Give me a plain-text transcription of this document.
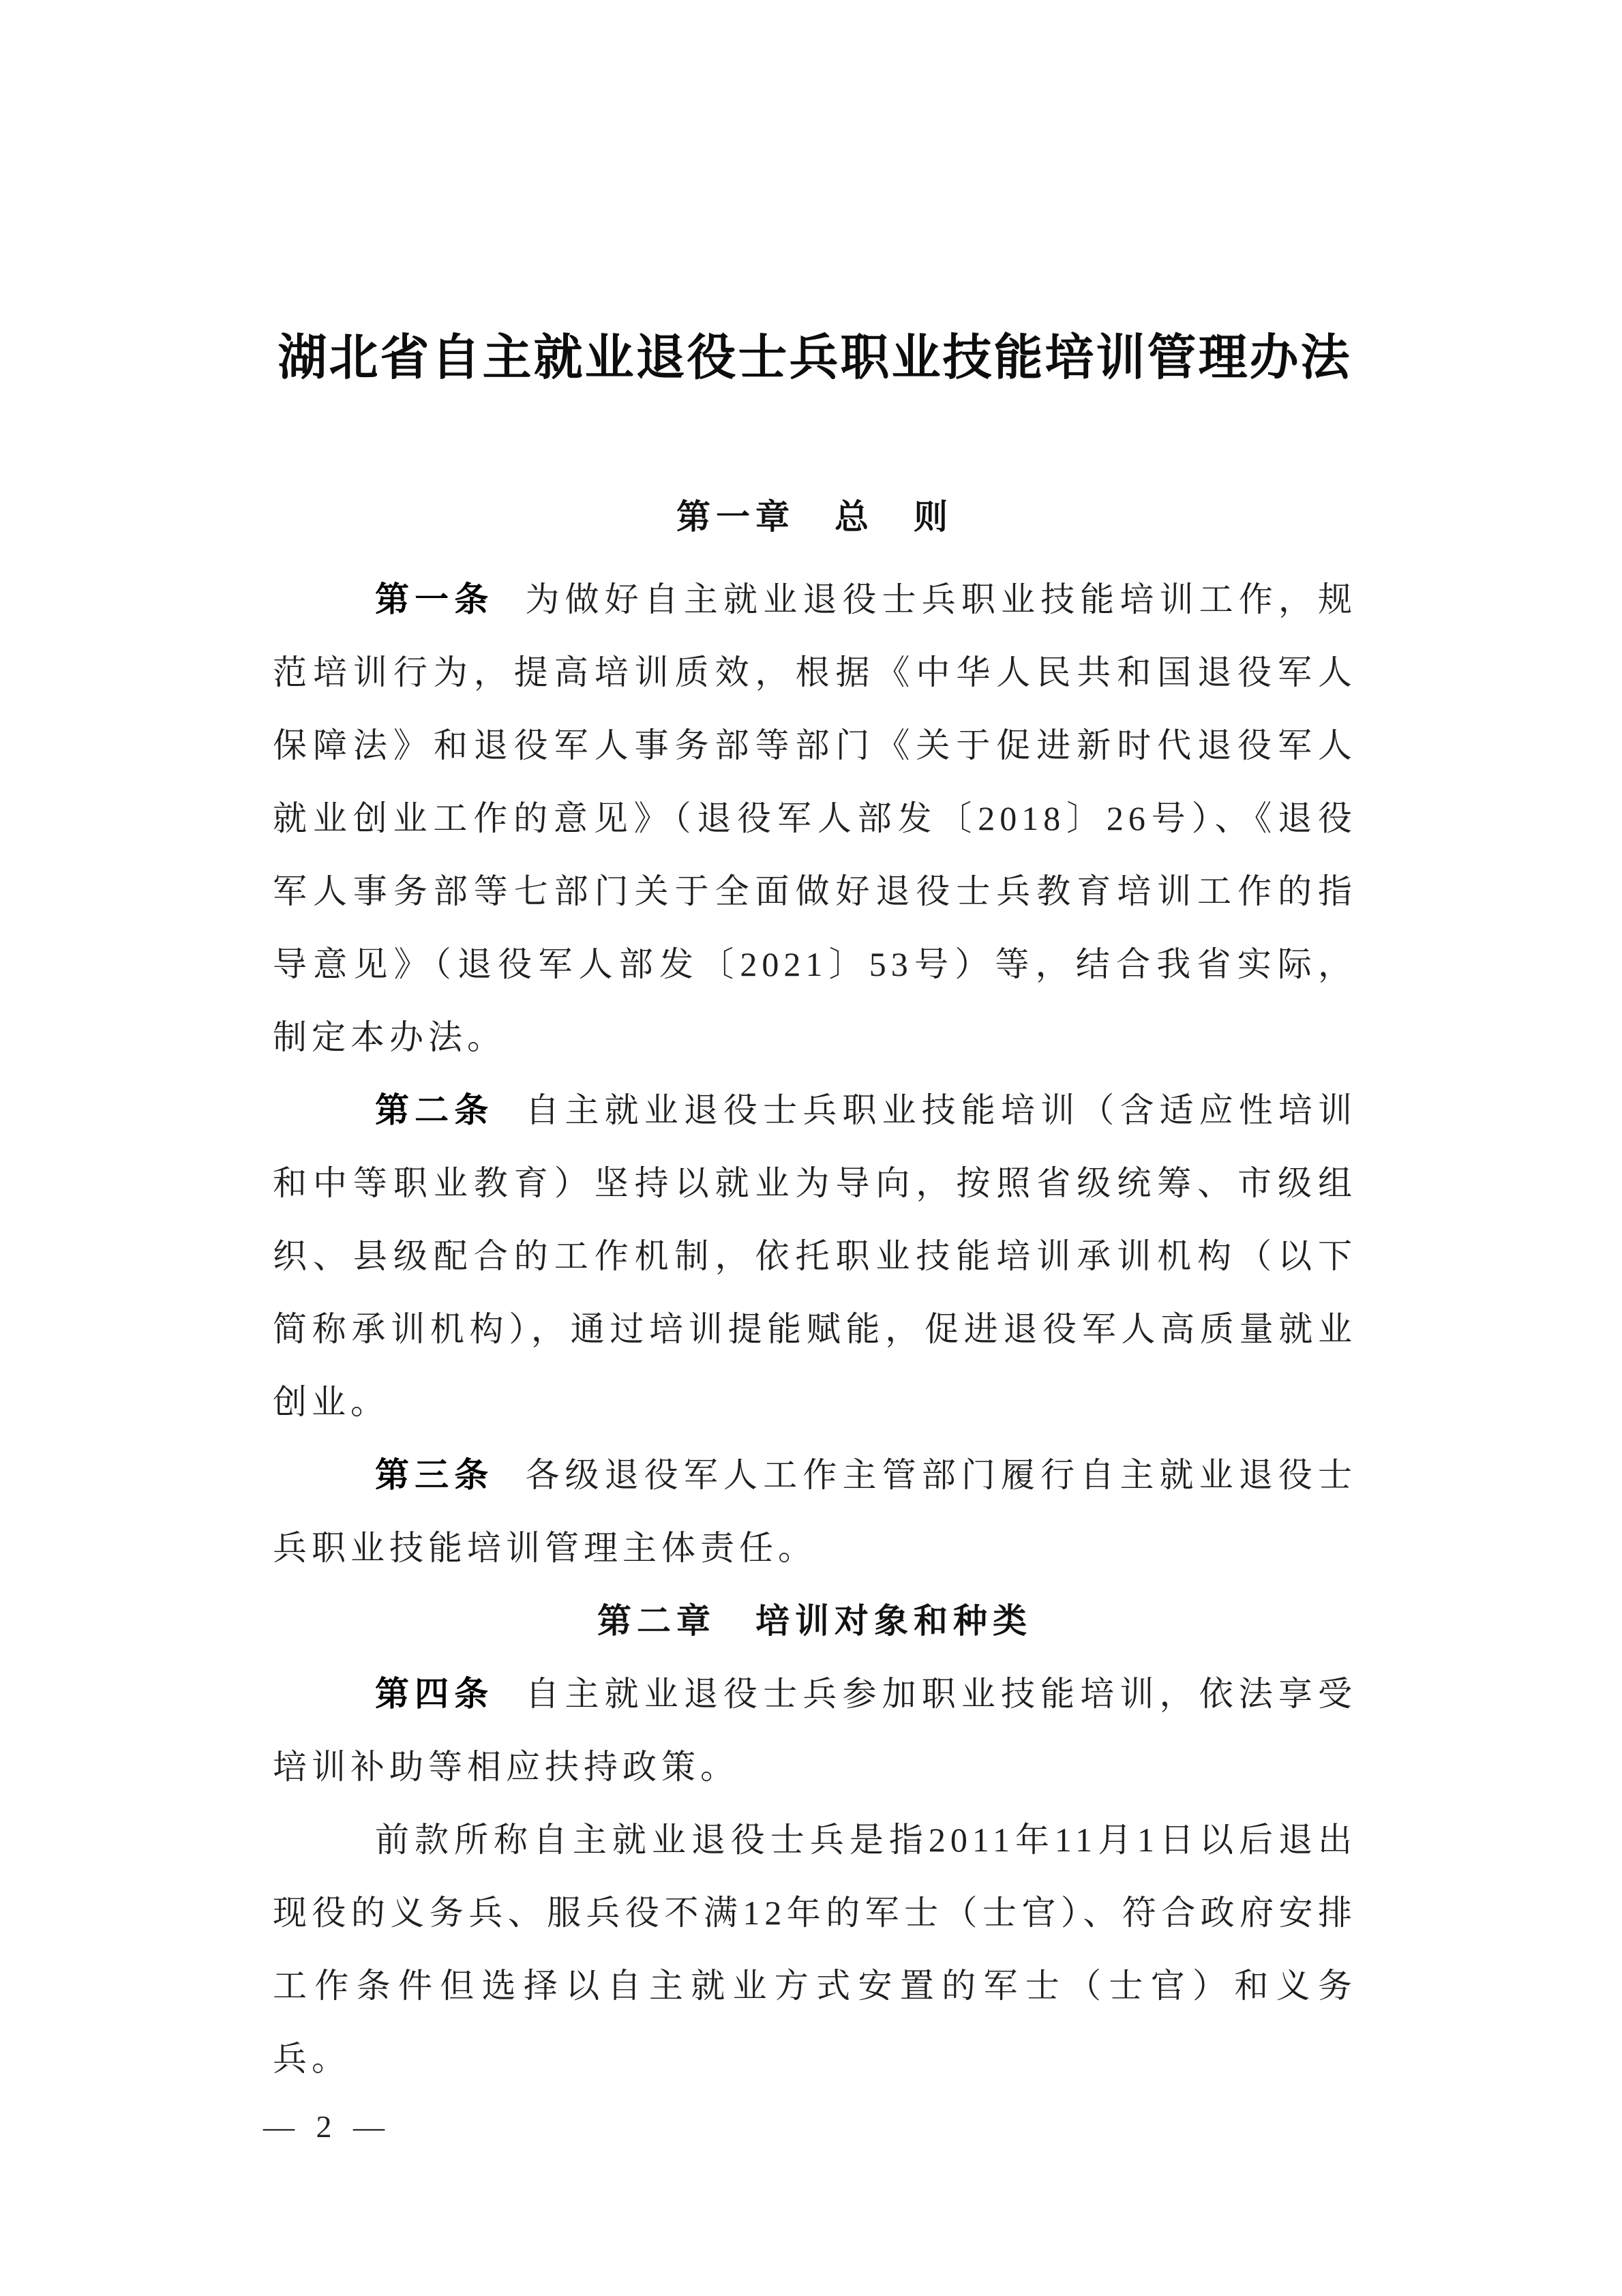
湖北省自主就业退役士兵职业技能培训管理办法
第一章　总　则

第一条 为做好自主就业退役士兵职业技能培训工作，规范培训行为，提高培训质效，根据《中华人民共和国退役军人保障法》和退役军人事务部等部门《关于促进新时代退役军人就业创业工作的意见》（退役军人部发〔2018〕26号）、《退役军人事务部等七部门关于全面做好退役士兵教育培训工作的指导意见》（退役军人部发〔2021〕53号）等，结合我省实际，制定本办法。

第二条 自主就业退役士兵职业技能培训（含适应性培训和中等职业教育）坚持以就业为导向，按照省级统筹、市级组织、县级配合的工作机制，依托职业技能培训承训机构（以下简称承训机构），通过培训提能赋能，促进退役军人高质量就业创业。

第三条 各级退役军人工作主管部门履行自主就业退役士兵职业技能培训管理主体责任。

第二章　培训对象和种类

第四条 自主就业退役士兵参加职业技能培训，依法享受培训补助等相应扶持政策。

前款所称自主就业退役士兵是指2011年11月1日以后退出现役的义务兵、服兵役不满12年的军士（士官）、符合政府安排工作条件但选择以自主就业方式安置的军士（士官）和义务兵。

— 2 —
